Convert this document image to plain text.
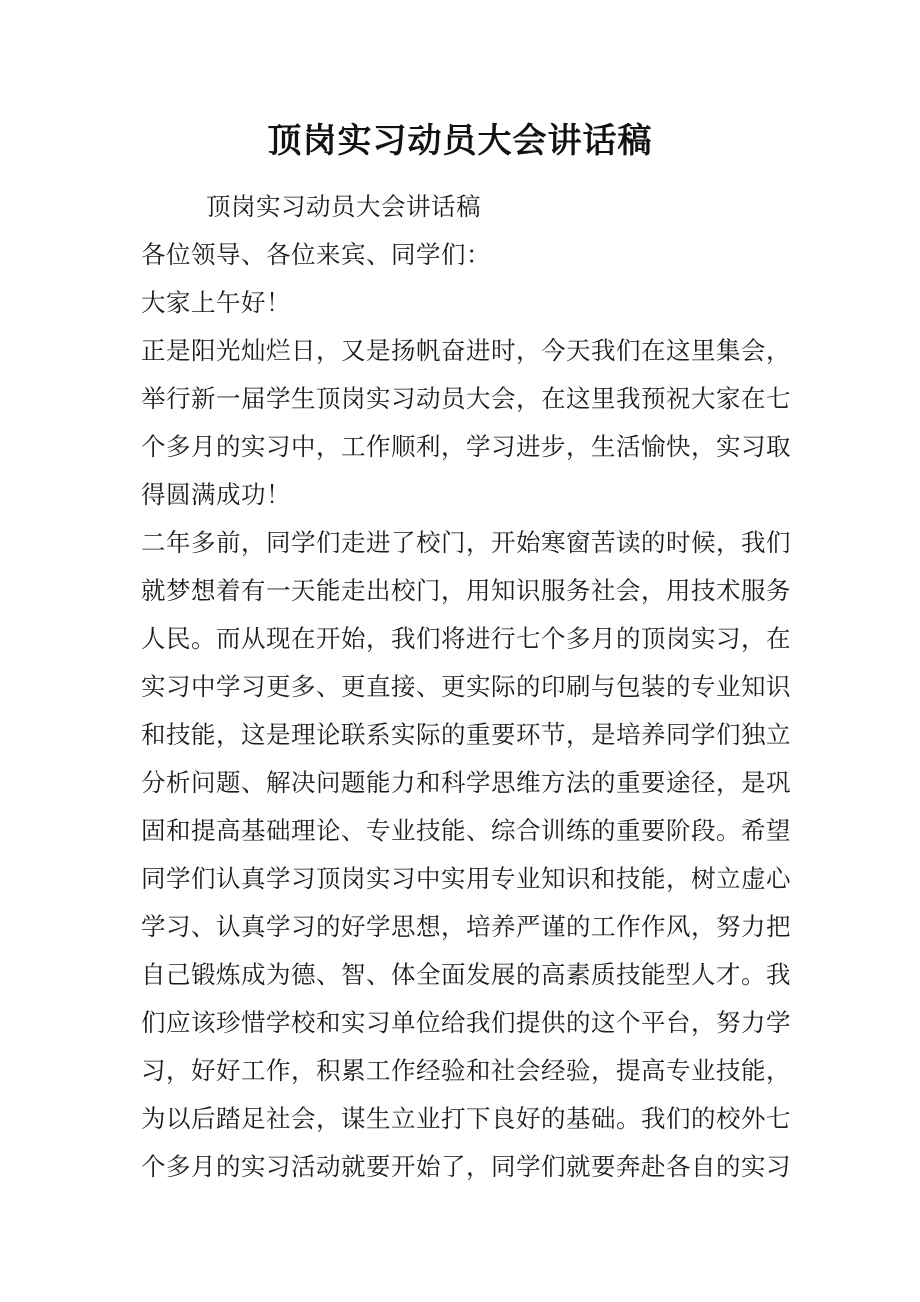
顶岗实习动员大会讲话稿
顶岗实习动员大会讲话稿
各位领导、各位来宾、同学们：
大家上午好！
正是阳光灿烂日，又是扬帆奋进时，今天我们在这里集会，
举行新一届学生顶岗实习动员大会，在这里我预祝大家在七
个多月的实习中，工作顺利，学习进步，生活愉快，实习取
得圆满成功！
二年多前，同学们走进了校门，开始寒窗苦读的时候，我们
就梦想着有一天能走出校门，用知识服务社会，用技术服务
人民。而从现在开始，我们将进行七个多月的顶岗实习，在
实习中学习更多、更直接、更实际的印刷与包装的专业知识
和技能，这是理论联系实际的重要环节，是培养同学们独立
分析问题、解决问题能力和科学思维方法的重要途径，是巩
固和提高基础理论、专业技能、综合训练的重要阶段。希望
同学们认真学习顶岗实习中实用专业知识和技能，树立虚心
学习、认真学习的好学思想，培养严谨的工作作风，努力把
自己锻炼成为德、智、体全面发展的高素质技能型人才。我
们应该珍惜学校和实习单位给我们提供的这个平台，努力学
习，好好工作，积累工作经验和社会经验，提高专业技能，
为以后踏足社会，谋生立业打下良好的基础。我们的校外七
个多月的实习活动就要开始了，同学们就要奔赴各自的实习
